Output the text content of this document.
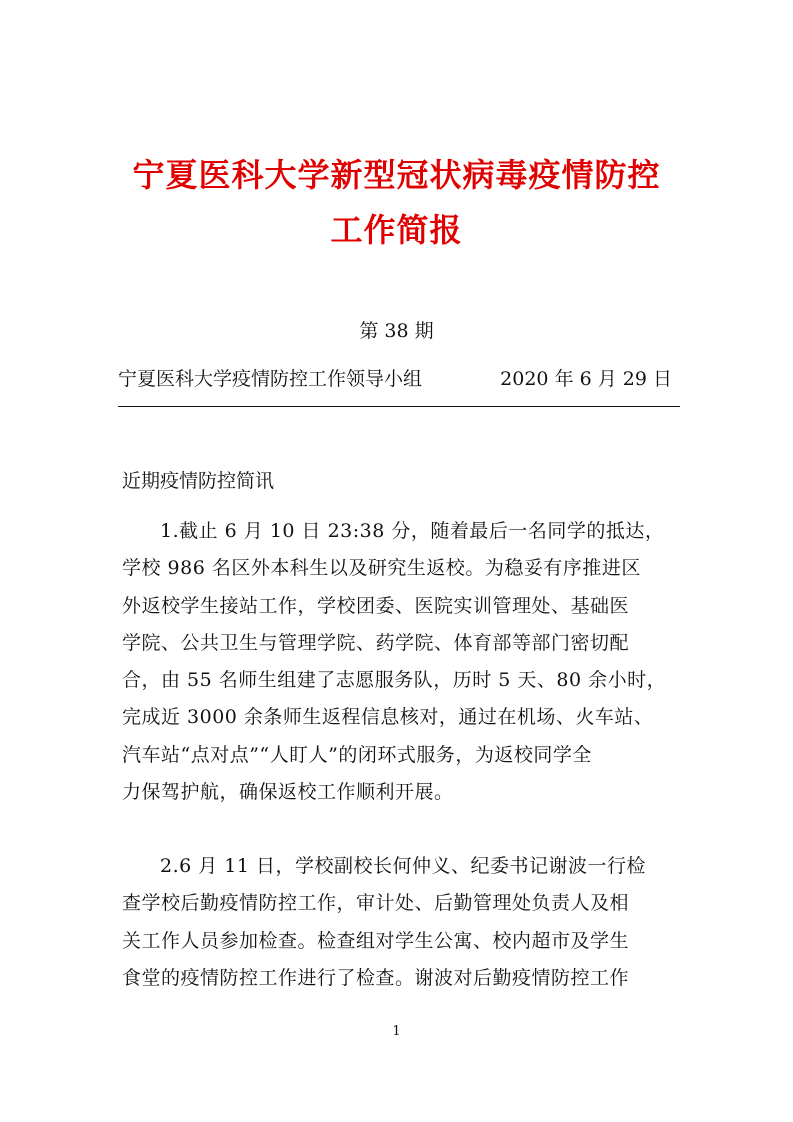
宁夏医科大学新型冠状病毒疫情防控
工作简报
第 38 期
宁夏医科大学疫情防控工作领导小组	2020 年 6 月 29 日
近期疫情防控简讯
1.截止 6 月 10 日 23:38 分，随着最后一名同学的抵达，
学校 986 名区外本科生以及研究生返校。为稳妥有序推进区
外返校学生接站工作，学校团委、医院实训管理处、基础医
学院、公共卫生与管理学院、药学院、体育部等部门密切配
合，由 55 名师生组建了志愿服务队，历时 5 天、80 余小时，
完成近 3000 余条师生返程信息核对，通过在机场、火车站、
汽车站“点对点”“人盯人”的闭环式服务，为返校同学全
力保驾护航，确保返校工作顺利开展。
2.6 月 11 日，学校副校长何仲义、纪委书记谢波一行检
查学校后勤疫情防控工作，审计处、后勤管理处负责人及相
关工作人员参加检查。检查组对学生公寓、校内超市及学生
食堂的疫情防控工作进行了检查。谢波对后勤疫情防控工作
1
